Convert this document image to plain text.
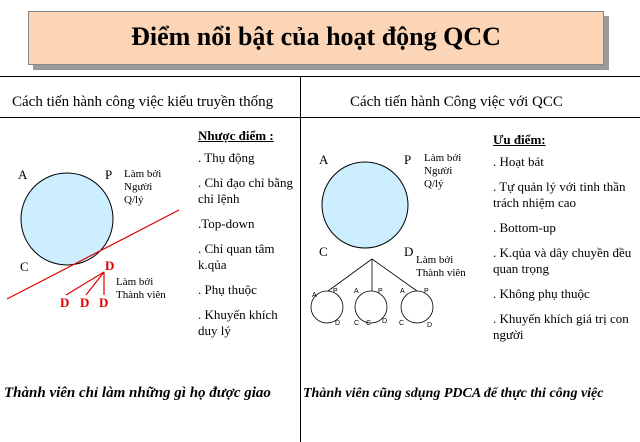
Điểm nổi bật của hoạt động QCC
Cách tiến hành công việc kiểu truyền thống	Cách tiến hành Công việc với QCC
A	P
C	D
D D D
Làm bởi
Người
Q/lý
Làm bởi
Thành viên
Nhược điểm :
. Thụ động
. Chỉ đạo chỉ bằng chỉ lệnh
.Top-down
. Chỉ quan tâm k.qủa
. Phụ thuộc
. Khuyến khích duy lý
A	P
C	D
Làm bởi
Người
Q/lý
Làm bởi
Thành viên
P
A
D C
P
A
D C
P
A
D
C
Ưu điểm:
. Hoạt bát
. Tự quản lý với tinh thần trách nhiệm cao
. Bottom-up
. K.qủa và dây chuyền đều quan trọng
. Không phụ thuộc
. Khuyến khích giá trị con người
Thành viên chỉ làm những gì họ được giao Thành viên cũng sdụng PDCA để thực thi công việc
